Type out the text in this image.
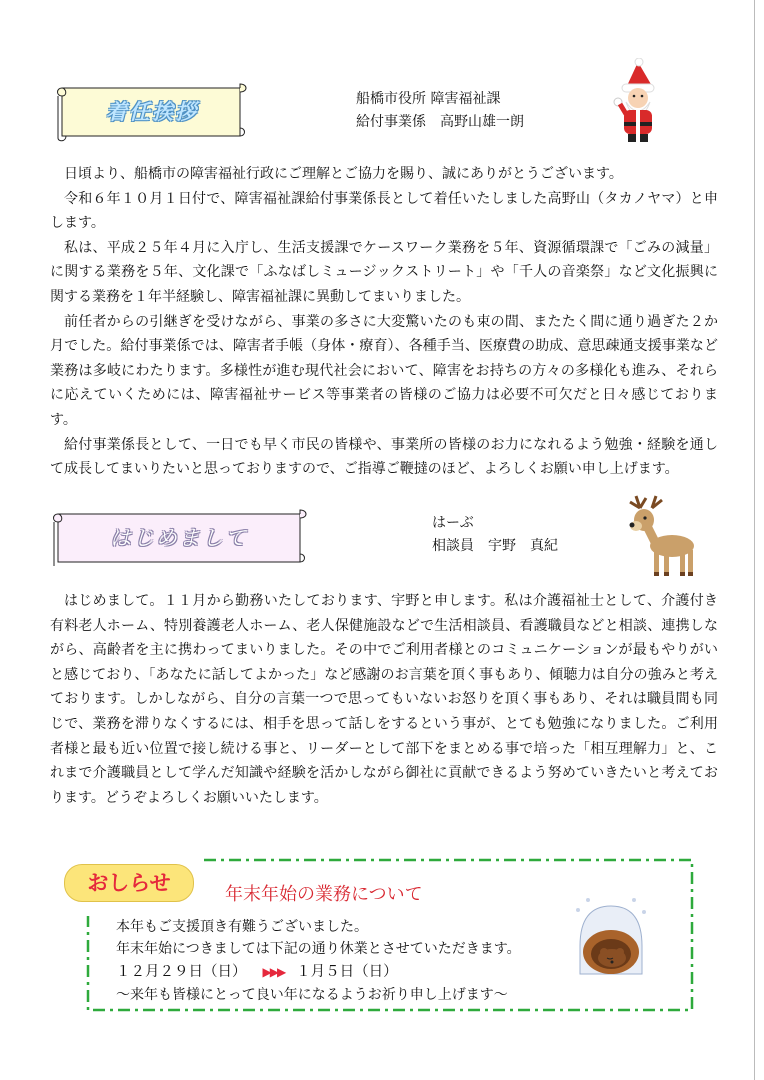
着任挨拶
船橋市役所 障害福祉課
給付事業係　高野山雄一朗

日頃より、船橋市の障害福祉行政にご理解とご協力を賜り、誠にありがとうございます。

令和６年１０月１日付で、障害福祉課給付事業係長として着任いたしました高野山（タカノヤマ）と申します。

私は、平成２５年４月に入庁し、生活支援課でケースワーク業務を５年、資源循環課で「ごみの減量」に関する業務を５年、文化課で「ふなばしミュージックストリート」や「千人の音楽祭」など文化振興に関する業務を１年半経験し、障害福祉課に異動してまいりました。

前任者からの引継ぎを受けながら、事業の多さに大変驚いたのも束の間、またたく間に通り過ぎた２か月でした。給付事業係では、障害者手帳（身体・療育）、各種手当、医療費の助成、意思疎通支援事業など業務は多岐にわたります。多様性が進む現代社会において、障害をお持ちの方々の多様化も進み、それらに応えていくためには、障害福祉サービス等事業者の皆様のご協力は必要不可欠だと日々感じております。

給付事業係長として、一日でも早く市民の皆様や、事業所の皆様のお力になれるよう勉強・経験を通して成長してまいりたいと思っておりますので、ご指導ご鞭撻のほど、よろしくお願い申し上げます。

はじめまして
はーぶ
相談員　宇野　真紀

はじめまして。１１月から勤務いたしております、宇野と申します。私は介護福祉士として、介護付き有料老人ホーム、特別養護老人ホーム、老人保健施設などで生活相談員、看護職員などと相談、連携しながら、高齢者を主に携わってまいりました。その中でご利用者様とのコミュニケーションが最もやりがいと感じており、「あなたに話してよかった」など感謝のお言葉を頂く事もあり、傾聴力は自分の強みと考えております。しかしながら、自分の言葉一つで思ってもいないお怒りを頂く事もあり、それは職員間も同じで、業務を滞りなくするには、相手を思って話しをするという事が、とても勉強になりました。ご利用者様と最も近い位置で接し続ける事と、リーダーとして部下をまとめる事で培った「相互理解力」と、これまで介護職員として学んだ知識や経験を活かしながら御社に貢献できるよう努めていきたいと考えております。どうぞよろしくお願いいたします。

おしらせ	年末年始の業務について
本年もご支援頂き有難うございました。
年末年始につきましては下記の通り休業とさせていただきます。
１２月２９日（日） ▶▶▶ １月５日（日）
～来年も皆様にとって良い年になるようお祈り申し上げます～
